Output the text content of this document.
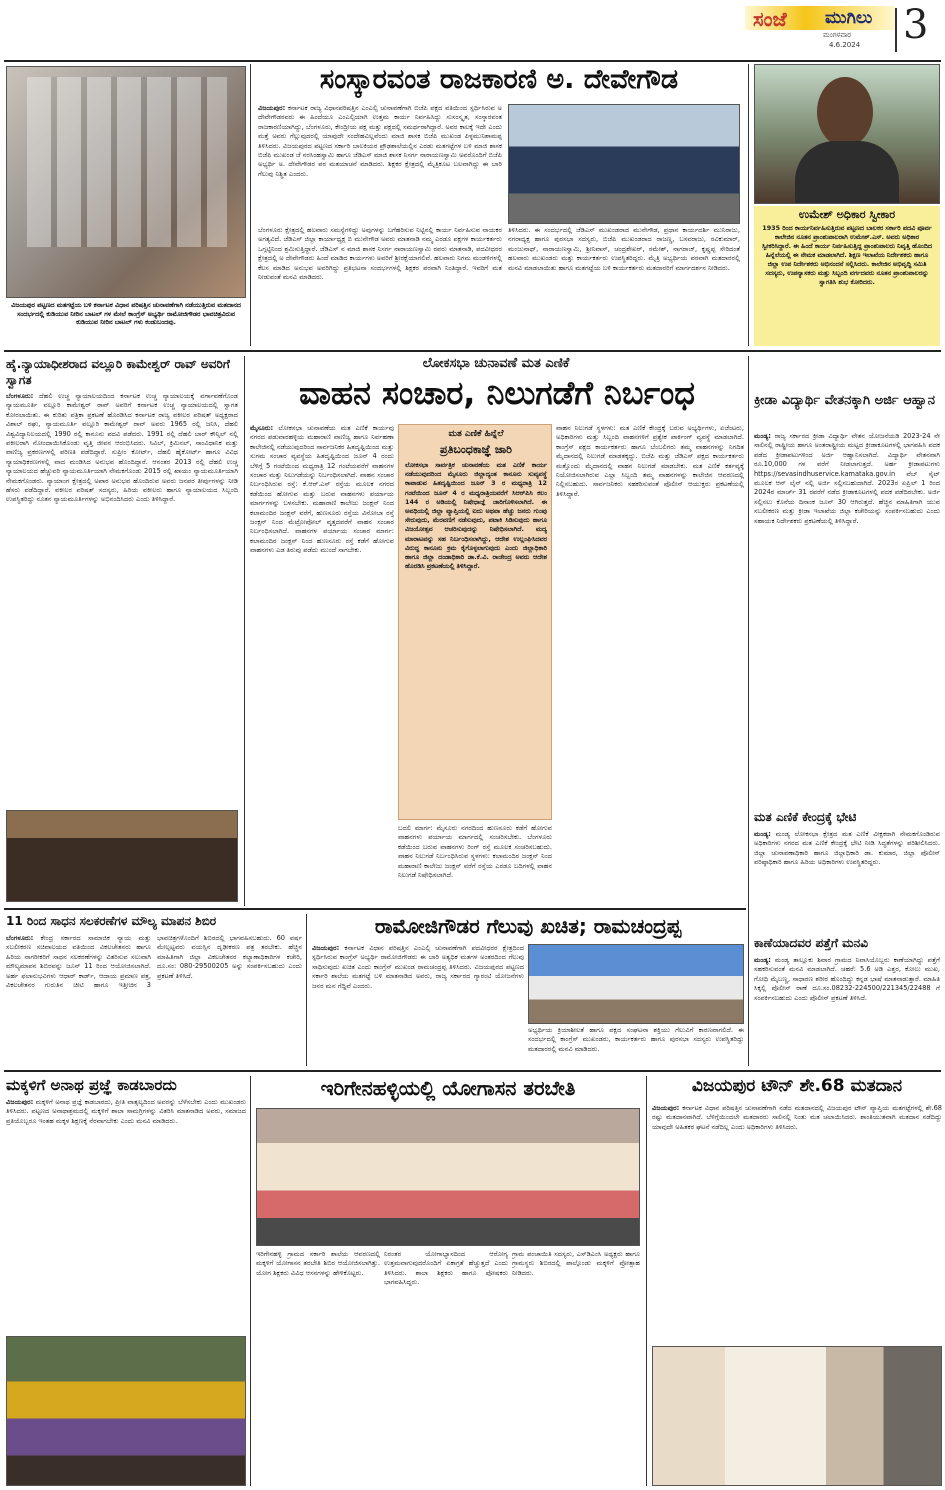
ಸಂಜೆ ಮುಗಿಲು
ಮಂಗಳವಾರ
4.6.2024 3
ವಿಜಯಪುರ ಪಟ್ಟಣದ ಮತಗಟ್ಟೆಯ ಬಳಿ ಕರ್ನಾಟಕ ವಿಧಾನ ಪರಿಷತ್ತಿನ ಚುನಾವಣೆಗಾಗಿ ನಡೆಯುತ್ತಿರುವ ಮತದಾನದ ಸಂದರ್ಭದಲ್ಲಿ ಕುಡಿಯುವ ನೀರಿನ ಬಾಟಲ್ ಗಳ ಮೇಲೆ ಕಾಂಗ್ರೆಸ್ ಅಭ್ಯರ್ಥಿ ರಾಮೋಜಿಗೌಡರ ಭಾವಚಿತ್ರವಿರುವ ಕುಡಿಯುವ ನೀರಿನ ಬಾಟಲ್ ಗಳು ಕಂಡುಬಂದವು.
ಸಂಸ್ಕಾರವಂತ ರಾಜಕಾರಣಿ ಅ. ದೇವೇಗೌಡ
ವಿಜಯಪುರ: ಕರ್ನಾಟಕ ರಾಜ್ಯ ವಿಧಾನಪರಿಷತ್ತಿನ ಎಂಎಲ್ಸಿ ಚುನಾವಣೆಗಾಗಿ ಬಿಜೆಪಿ ಪಕ್ಷದ ವತಿಯಿಂದ ಸ್ಪರ್ಧಿಸಿರುವ ಅ ದೇವೇಗೌಡರವರು ಈ ಹಿಂದೆಯೂ ಎಂಎಲ್ಸಿಯಾಗಿ ಉತ್ತಮ ಕಾರ್ಯ ನಿರ್ವಹಿಸಿದ್ದು ಸುಸಂಸ್ಕೃತ, ಸಂಸ್ಕಾರವಂತ ರಾಜಕಾರಣಿಯಾಗಿದ್ದು, ಬೆಂಗಳೂರು, ಕೇಂದ್ರೀಯ ಪಕ್ಷ ಮತ್ತು ಪಕ್ಷದಲ್ಲಿ ಸಮರ್ಥರಾಗಿದ್ದಾರೆ. ಅವರ ಕಾಲಕ್ಕೆ ಇದೇ ಎಂದು ಮತ್ತೆ ಅವರು ಗೆಲ್ಲುವುದರಲ್ಲಿ ಯಾವುದೇ ಸಂದೇಹವಿಲ್ಲವೆಂದು ಮಾಜಿ ಶಾಸಕ ಬಿಜೆಪಿ ಮುಖಂಡ ಪಿಳ್ಳಮುನಿಶಾಮಪ್ಪ ತಿಳಿಸಿದರು. ವಿಜಯಪುರದ ಪಟ್ಟಣದ ಸರ್ಕಾರಿ ಬಾಲಕಿಯರ ಪ್ರೌಢಶಾಲೆಯಲ್ಲಿನ ಎರಡು ಮತಗಟ್ಟೆಗಳ ಬಳಿ ಮಾಜಿ ಶಾಸಕ ಬಿಜೆಪಿ ಮುಖಂಡ ಜೆ ನರಸಿಂಹಸ್ವಾಮಿ ಹಾಗೂ ಜೆಡಿಎಸ್ ಮಾಜಿ ಶಾಸಕ ನಿಸರ್ಗ ನಾರಾಯಣಸ್ವಾಮಿ ಅವರೊಂದಿಗೆ ಬಿಜೆಪಿ ಅಭ್ಯರ್ಥಿ ಅ. ದೇವೇಗೌಡರ ಪರ ಮತಯಾಚನೆ ಮಾಡಿದರು. ಶಿಕ್ಷಕರ ಕ್ಷೇತ್ರದಲ್ಲಿ ಮೈತ್ರಿಕೂಟ ಬಲವಾಗಿದ್ದು ಈ ಬಾರಿ ಗೆಲುವು ನಿಶ್ಚಿತ ಎಂದರು.
ಬೆಂಗಳೂರು ಕ್ಷೇತ್ರದಲ್ಲಿ ಹಲವಾರು ಸಮಸ್ಯೆಗಳಿದ್ದು ಅವುಗಳನ್ನು ಬಗೆಹರಿಸುವ ನಿಟ್ಟಿನಲ್ಲಿ ಕಾರ್ಯ ನಿರ್ವಹಿಸುವ ನಾಯಕರ ಅಗತ್ಯವಿದೆ. ಜೆಡಿಎಸ್ ಜಿಲ್ಲಾ ಕಾರ್ಯಾಧ್ಯಕ್ಷ ಬಿ ಮುನೇಗೌಡ ಅವರು ಮಾತನಾಡಿ ನಮ್ಮ ಎರಡೂ ಪಕ್ಷಗಳ ಕಾರ್ಯಕರ್ತರು ಒಗ್ಗಟ್ಟಿನಿಂದ ಶ್ರಮಿಸುತ್ತಿದ್ದಾರೆ. ಜೆಡಿಎಸ್ ನ ಮಾಜಿ ಶಾಸಕ ನಿಸರ್ಗ ನಾರಾಯಣಸ್ವಾಮಿ ರವರು ಮಾತನಾಡಿ, ಪದವೀಧರರ ಕ್ಷೇತ್ರದಲ್ಲಿ ಅ ದೇವೇಗೌಡರು ಹಿಂದೆ ಮಾಡಿದ ಕಾರ್ಯಗಳು ಅವರಿಗೆ ಶ್ರೀರಕ್ಷೆಯಾಗಲಿವೆ. ಹಲವಾರು ನಿಗಮ ಮಂಡಳಿಗಳಲ್ಲಿ ಕೆಲಸ ಮಾಡಿದ ಅನುಭವ ಅವರಿಗಿದ್ದು ಪ್ರತಿಭಟನಾ ಸಂದರ್ಭಗಳಲ್ಲಿ ಶಿಕ್ಷಕರ ಪರವಾಗಿ ನಿಂತಿದ್ದಾರೆ. ಇವರಿಗೆ ಮತ ನೀಡುವಂತೆ ಮನವಿ ಮಾಡಿದರು.
ತಿಳಿಸಿದರು. ಈ ಸಂದರ್ಭದಲ್ಲಿ ಜೆಡಿಎಸ್ ಮುಖಂಡರಾದ ಮುನೇಗೌಡ, ಪ್ರಧಾನ ಕಾರ್ಯದರ್ಶಿ ಮುನಿರಾಜು, ನಗರಾಧ್ಯಕ್ಷ ಹಾಗೂ ಪುರಸಭಾ ಸದಸ್ಯರು, ಬಿಜೆಪಿ ಮುಖಂಡರಾದ ರಾಜಣ್ಣ, ಬಸವರಾಜು, ರವಿಕುಮಾರ್, ಮಂಜುನಾಥ್, ನಾರಾಯಣಸ್ವಾಮಿ, ಶ್ರೀನಿವಾಸ್, ಚಂದ್ರಶೇಖರ್, ರಮೇಶ್, ನಾಗರಾಜ್, ಕೃಷ್ಣಪ್ಪ ಸೇರಿದಂತೆ ಹಲವಾರು ಮುಖಂಡರು ಮತ್ತು ಕಾರ್ಯಕರ್ತರು ಉಪಸ್ಥಿತರಿದ್ದರು. ಮೈತ್ರಿ ಅಭ್ಯರ್ಥಿಯ ಪರವಾಗಿ ಮತದಾರರಲ್ಲಿ ಮನವಿ ಮಾಡಲಾಯಿತು ಹಾಗೂ ಮತಗಟ್ಟೆಯ ಬಳಿ ಕಾರ್ಯಕರ್ತರು ಮತದಾರರಿಗೆ ಮಾರ್ಗದರ್ಶನ ನೀಡಿದರು.
ಉಮೇಶ್ ಅಧಿಕಾರ ಸ್ವೀಕಾರ
1935 ರಿಂದ ಕಾರ್ಯನಿರ್ವಹಿಸುತ್ತಿರುವ ಪಟ್ಟಣದ ಬಾಲಕರ ಸರ್ಕಾರಿ ಪದವಿ ಪೂರ್ವ ಕಾಲೇಜಿನ ನೂತನ ಪ್ರಾಂಶುಪಾಲರಾಗಿ ಉಮೇಶ್.ಎಸ್. ಅವರು ಅಧಿಕಾರ ಸ್ವೀಕರಿಸಿದ್ದಾರೆ. ಈ ಹಿಂದೆ ಕಾರ್ಯ ನಿರ್ವಹಿಸುತ್ತಿದ್ದ ಪ್ರಾಂಶುಪಾಲರು ನಿವೃತ್ತಿ ಹೊಂದಿದ ಹಿನ್ನೆಲೆಯಲ್ಲಿ ಈ ನೇಮಕ ಮಾಡಲಾಗಿದೆ. ಶಿಕ್ಷಣ ಇಲಾಖೆಯ ನಿರ್ದೇಶಕರು ಹಾಗೂ ಜಿಲ್ಲಾ ಉಪ ನಿರ್ದೇಶಕರು ಅಭಿನಂದನೆ ಸಲ್ಲಿಸಿದರು. ಕಾಲೇಜಿನ ಅಭಿವೃದ್ಧಿ ಸಮಿತಿ ಸದಸ್ಯರು, ಉಪನ್ಯಾಸಕರು ಮತ್ತು ಸಿಬ್ಬಂದಿ ವರ್ಗದವರು ನೂತನ ಪ್ರಾಂಶುಪಾಲರನ್ನು ಸ್ವಾಗತಿಸಿ ಶುಭ ಕೋರಿದರು.
ಹೈ.ನ್ಯಾಯಾಧೀಶರಾದ ವಲ್ಲೂರಿ ಕಾಮೇಶ್ವರ್ ರಾವ್ ಅವರಿಗೆ ಸ್ವಾಗತ
ಬೆಂಗಳೂರು: ದೆಹಲಿ ಉಚ್ಚ ನ್ಯಾಯಾಲಯದಿಂದ ಕರ್ನಾಟಕ ಉಚ್ಚ ನ್ಯಾಯಾಲಯಕ್ಕೆ ವರ್ಗಾವಣೆಗೊಂಡ ನ್ಯಾಯಮೂರ್ತಿ ವಲ್ಲೂರಿ ಕಾಮೇಶ್ವರ್ ರಾವ್ ಅವರಿಗೆ ಕರ್ನಾಟಕ ಉಚ್ಚ ನ್ಯಾಯಾಲಯದಲ್ಲಿ ಸ್ವಾಗತ ಕೋರಲಾಯಿತು. ಈ ಕುರಿತು ಪತ್ರಿಕಾ ಪ್ರಕಟಣೆ ಹೊರಡಿಸಿದ ಕರ್ನಾಟಕ ರಾಜ್ಯ ವಕೀಲರ ಪರಿಷತ್ ಅಧ್ಯಕ್ಷರಾದ ವಿಶಾಲ್ ರಘು, ನ್ಯಾಯಮೂರ್ತಿ ವಲ್ಲೂರಿ ಕಾಮೇಶ್ವರ್ ರಾವ್ ಅವರು 1965 ರಲ್ಲಿ ಜನಿಸಿ, ದೆಹಲಿ ವಿಶ್ವವಿದ್ಯಾನಿಲಯದಲ್ಲಿ 1990 ರಲ್ಲಿ ಕಾನೂನು ಪದವಿ ಪಡೆದರು. 1991 ರಲ್ಲಿ ದೆಹಲಿ ಬಾರ್ ಕೌನ್ಸಿಲ್ ನಲ್ಲಿ ವಕೀಲರಾಗಿ ನೋಂದಾಯಿಸಿಕೊಂಡು ವೃತ್ತಿ ಜೀವನ ಆರಂಭಿಸಿದರು. ಸಿವಿಲ್, ಕ್ರಿಮಿನಲ್, ಸಾಂವಿಧಾನಿಕ ಮತ್ತು ವಾಣಿಜ್ಯ ಪ್ರಕರಣಗಳಲ್ಲಿ ಪರಿಣತಿ ಪಡೆದಿದ್ದಾರೆ. ಸುಪ್ರೀಂ ಕೋರ್ಟ್, ದೆಹಲಿ ಹೈಕೋರ್ಟ್ ಹಾಗೂ ವಿವಿಧ ನ್ಯಾಯಾಧಿಕರಣಗಳಲ್ಲಿ ವಾದ ಮಂಡಿಸಿದ ಅನುಭವ ಹೊಂದಿದ್ದಾರೆ. ಆನಂತರ 2013 ರಲ್ಲಿ ದೆಹಲಿ ಉಚ್ಚ ನ್ಯಾಯಾಲಯದ ಹೆಚ್ಚುವರಿ ನ್ಯಾಯಮೂರ್ತಿಯಾಗಿ ನೇಮಕಗೊಂಡು 2015 ರಲ್ಲಿ ಖಾಯಂ ನ್ಯಾಯಮೂರ್ತಿಯಾಗಿ ನೇಮಕಗೊಂಡರು. ನ್ಯಾಯಾಂಗ ಕ್ಷೇತ್ರದಲ್ಲಿ ಅಪಾರ ಅನುಭವ ಹೊಂದಿರುವ ಅವರು ಜನಪರ ತೀರ್ಪುಗಳನ್ನು ನೀಡಿ ಹೆಸರು ಪಡೆದಿದ್ದಾರೆ. ವಕೀಲರ ಪರಿಷತ್ ಸದಸ್ಯರು, ಹಿರಿಯ ವಕೀಲರು ಹಾಗೂ ನ್ಯಾಯಾಲಯದ ಸಿಬ್ಬಂದಿ ಉಪಸ್ಥಿತರಿದ್ದು ನೂತನ ನ್ಯಾಯಮೂರ್ತಿಗಳನ್ನು ಅಭಿನಂದಿಸಿದರು ಎಂದು ತಿಳಿಸಿದ್ದಾರೆ.
ಲೋಕಸಭಾ ಚುನಾವಣೆ ಮತ ಎಣಿಕೆ
ವಾಹನ ಸಂಚಾರ, ನಿಲುಗಡೆಗೆ ನಿರ್ಬಂಧ
ಮೈಸೂರು: ಲೋಕಸಭಾ ಚುನಾವಣೆಯ ಮತ ಎಣಿಕೆ ಕಾರ್ಯವು ನಗರದ ಪಡುವಾರಹಳ್ಳಿಯ ಮಹಾರಾಣಿ ವಾಣಿಜ್ಯ ಹಾಗೂ ನಿರ್ವಹಣಾ ಕಾಲೇಜಿನಲ್ಲಿ ನಡೆಯುವುದರಿಂದ ಸಾರ್ವಜನಿಕರ ಹಿತದೃಷ್ಟಿಯಿಂದ ಮತ್ತು ಸುಗಮ ಸಂಚಾರ ವ್ಯವಸ್ಥೆಯ ಹಿತದೃಷ್ಟಿಯಿಂದ ಜೂನ್ 4 ರಂದು ಬೆಳಿಗ್ಗೆ 5 ಗಂಟೆಯಿಂದ ಮಧ್ಯರಾತ್ರಿ 12 ಗಂಟೆಯವರೆಗೆ ವಾಹನಗಳ ಸಂಚಾರ ಮತ್ತು ನಿಲುಗಡೆಯನ್ನು ನಿರ್ಬಂಧಿಸಲಾಗಿದೆ. ವಾಹನ ಸಂಚಾರ ನಿರ್ಬಂಧಿಸಿರುವ ರಸ್ತೆ: ಕೆ.ಆರ್.ಎಸ್ ರಸ್ತೆಯ ಮೂಲಕ ನಗರದ ಕಡೆಯಿಂದ ಹೋಗುವ ಮತ್ತು ಬರುವ ವಾಹನಗಳು ಪರ್ಯಾಯ ಮಾರ್ಗಗಳನ್ನು ಬಳಸಬೇಕು. ಮಹಾರಾಣಿ ಕಾಲೇಜು ಜಂಕ್ಷನ್ ನಿಂದ ಕಲಾಮಂದಿರ ಜಂಕ್ಷನ್ ವರೆಗೆ, ಹುಣಸೂರು ರಸ್ತೆಯ ವಿನೋಬಾ ರಸ್ತೆ ಜಂಕ್ಷನ್ ನಿಂದ ಮೆಟ್ರೋಪೋಲ್ ವೃತ್ತದವರೆಗೆ ವಾಹನ ಸಂಚಾರ ನಿರ್ಬಂಧಿಸಲಾಗಿದೆ. ವಾಹನಗಳ ಪರ್ಯಾಯ ಸಂಚಾರ ಮಾರ್ಗ: ಕಲಾಮಂದಿರ ಜಂಕ್ಷನ್ ನಿಂದ ಹುಣಸೂರು ರಸ್ತೆ ಕಡೆಗೆ ಹೋಗುವ ವಾಹನಗಳು ಎಡ ತಿರುವು ಪಡೆದು ಮುಂದೆ ಸಾಗಬೇಕು.
ಮತ ಎಣಿಕೆ ಹಿನ್ನೆಲೆ
ಪ್ರತಿಬಂಧಕಾಜ್ಞೆ ಜಾರಿ
ಲೋಕಸಭಾ ಸಾರ್ವತ್ರಿಕ ಚುನಾವಣೆಯ ಮತ ಎಣಿಕೆ ಕಾರ್ಯ ನಡೆಯುವುದರಿಂದ ಮೈಸೂರು ಜಿಲ್ಲಾದ್ಯಂತ ಕಾನೂನು ಸುವ್ಯವಸ್ಥೆ ಕಾಪಾಡುವ ಹಿತದೃಷ್ಟಿಯಿಂದ ಜೂನ್ 3 ರ ಮಧ್ಯರಾತ್ರಿ 12 ಗಂಟೆಯಿಂದ ಜೂನ್ 4 ರ ಮಧ್ಯರಾತ್ರಿಯವರೆಗೆ ಸಿಆರ್‌ಪಿಸಿ ಕಲಂ 144 ರ ಅಡಿಯಲ್ಲಿ ನಿಷೇಧಾಜ್ಞೆ ಜಾರಿಗೊಳಿಸಲಾಗಿದೆ. ಈ ಅವಧಿಯಲ್ಲಿ ಜಿಲ್ಲಾ ವ್ಯಾಪ್ತಿಯಲ್ಲಿ ಐದು ಅಥವಾ ಹೆಚ್ಚು ಜನರು ಗುಂಪು ಸೇರುವುದು, ಮೆರವಣಿಗೆ ನಡೆಸುವುದು, ಪಟಾಕಿ ಸಿಡಿಸುವುದು ಹಾಗೂ ವಿಜಯೋತ್ಸವ ಆಚರಿಸುವುದನ್ನು ನಿಷೇಧಿಸಲಾಗಿದೆ. ಮದ್ಯ ಮಾರಾಟವನ್ನು ಸಹ ನಿರ್ಬಂಧಿಸಲಾಗಿದ್ದು, ಆದೇಶ ಉಲ್ಲಂಘಿಸಿದವರ ವಿರುದ್ಧ ಕಾನೂನು ಕ್ರಮ ಕೈಗೊಳ್ಳಲಾಗುವುದು ಎಂದು ಜಿಲ್ಲಾಧಿಕಾರಿ ಹಾಗೂ ಜಿಲ್ಲಾ ದಂಡಾಧಿಕಾರಿ ಡಾ.ಕೆ.ವಿ. ರಾಜೇಂದ್ರ ಅವರು ಆದೇಶ ಹೊರಡಿಸಿ ಪ್ರಕಟಣೆಯಲ್ಲಿ ತಿಳಿಸಿದ್ದಾರೆ.
ಬದಲಿ ಮಾರ್ಗ: ಮೈಸೂರು ನಗರದಿಂದ ಹುಣಸೂರು ಕಡೆಗೆ ಹೋಗುವ ವಾಹನಗಳು ಪರ್ಯಾಯ ಮಾರ್ಗದಲ್ಲಿ ಸಂಚರಿಸಬೇಕು. ಬೆಂಗಳೂರು ಕಡೆಯಿಂದ ಬರುವ ವಾಹನಗಳು ರಿಂಗ್ ರಸ್ತೆ ಮೂಲಕ ಸಂಚರಿಸಬಹುದು. ವಾಹನ ನಿಲುಗಡೆ ನಿರ್ಬಂಧಿಸಿರುವ ಸ್ಥಳಗಳು: ಕಲಾಮಂದಿರ ಜಂಕ್ಷನ್ ನಿಂದ ಮಹಾರಾಣಿ ಕಾಲೇಜು ಜಂಕ್ಷನ್ ವರೆಗೆ ರಸ್ತೆಯ ಎರಡೂ ಬದಿಗಳಲ್ಲಿ ವಾಹನ ನಿಲುಗಡೆ ನಿಷೇಧಿಸಲಾಗಿದೆ.
ವಾಹನ ನಿಲುಗಡೆ ಸ್ಥಳಗಳು: ಮತ ಎಣಿಕೆ ಕೇಂದ್ರಕ್ಕೆ ಬರುವ ಅಭ್ಯರ್ಥಿಗಳು, ಏಜೆಂಟರು, ಅಧಿಕಾರಿಗಳು ಮತ್ತು ಸಿಬ್ಬಂದಿ ವಾಹನಗಳಿಗೆ ಪ್ರತ್ಯೇಕ ಪಾರ್ಕಿಂಗ್ ವ್ಯವಸ್ಥೆ ಮಾಡಲಾಗಿದೆ. ಕಾಂಗ್ರೆಸ್ ಪಕ್ಷದ ಕಾರ್ಯಕರ್ತರು ಹಾಗೂ ಬೆಂಬಲಿಗರು ತಮ್ಮ ವಾಹನಗಳನ್ನು ನಿಗದಿತ ಮೈದಾನದಲ್ಲಿ ನಿಲುಗಡೆ ಮಾಡತಕ್ಕದ್ದು. ಬಿಜೆಪಿ ಮತ್ತು ಜೆಡಿಎಸ್ ಪಕ್ಷದ ಕಾರ್ಯಕರ್ತರು ಮತ್ತೊಂದು ಮೈದಾನದಲ್ಲಿ ವಾಹನ ನಿಲುಗಡೆ ಮಾಡಬೇಕು. ಮತ ಎಣಿಕೆ ಕರ್ತವ್ಯಕ್ಕೆ ನಿಯೋಜಿಸಲಾಗಿರುವ ಎಲ್ಲಾ ಸಿಬ್ಬಂದಿ ತಮ್ಮ ವಾಹನಗಳನ್ನು ಕಾಲೇಜಿನ ಆವರಣದಲ್ಲಿ ನಿಲ್ಲಿಸಬಹುದು. ಸಾರ್ವಜನಿಕರು ಸಹಕರಿಸುವಂತೆ ಪೊಲೀಸ್ ಆಯುಕ್ತರು ಪ್ರಕಟಣೆಯಲ್ಲಿ ತಿಳಿಸಿದ್ದಾರೆ.
ಕ್ರೀಡಾ ವಿದ್ಯಾರ್ಥಿ ವೇತನಕ್ಕಾಗಿ ಅರ್ಜಿ ಆಹ್ವಾನ
ಮಂಡ್ಯ: ರಾಜ್ಯ ಸರ್ಕಾರದ ಕ್ರೀಡಾ ವಿದ್ಯಾರ್ಥಿ ವೇತನ ಯೋಜನೆಯಡಿ 2023-24 ನೇ ಸಾಲಿನಲ್ಲಿ ರಾಷ್ಟ್ರೀಯ ಹಾಗೂ ಅಂತರಾಷ್ಟ್ರೀಯ ಮಟ್ಟದ ಕ್ರೀಡಾಕೂಟಗಳಲ್ಲಿ ಭಾಗವಹಿಸಿ ಪದಕ ಪಡೆದ ಕ್ರೀಡಾಪಟುಗಳಿಂದ ಅರ್ಜಿ ಆಹ್ವಾನಿಸಲಾಗಿದೆ. ವಿದ್ಯಾರ್ಥಿ ವೇತನವಾಗಿ ರೂ.10,000 ಗಳ ವರೆಗೆ ನೀಡಲಾಗುತ್ತದೆ. ಅರ್ಹ ಕ್ರೀಡಾಪಟುಗಳು https://sevasindhuservice.kamataka.gov.in ವೆಬ್ ಸೈಟ್ ಮೂಲಕ ಆನ್ ಲೈನ್ ನಲ್ಲಿ ಅರ್ಜಿ ಸಲ್ಲಿಸಬಹುದಾಗಿದೆ. 2023ರ ಏಪ್ರಿಲ್ 1 ರಿಂದ 2024ರ ಮಾರ್ಚ್ 31 ರವರೆಗೆ ನಡೆದ ಕ್ರೀಡಾಕೂಟಗಳಲ್ಲಿ ಪದಕ ಪಡೆದಿರಬೇಕು. ಅರ್ಜಿ ಸಲ್ಲಿಸಲು ಕೊನೆಯ ದಿನಾಂಕ ಜೂನ್ 30 ಆಗಿರುತ್ತದೆ. ಹೆಚ್ಚಿನ ಮಾಹಿತಿಗಾಗಿ ಯುವ ಸಬಲೀಕರಣ ಮತ್ತು ಕ್ರೀಡಾ ಇಲಾಖೆಯ ಜಿಲ್ಲಾ ಕಚೇರಿಯನ್ನು ಸಂಪರ್ಕಿಸಬಹುದು ಎಂದು ಸಹಾಯಕ ನಿರ್ದೇಶಕರು ಪ್ರಕಟಣೆಯಲ್ಲಿ ತಿಳಿಸಿದ್ದಾರೆ.
ಮತ ಎಣಿಕೆ ಕೇಂದ್ರಕ್ಕೆ ಭೇಟಿ
ಮಂಡ್ಯ: ಮಂಡ್ಯ ಲೋಕಸಭಾ ಕ್ಷೇತ್ರದ ಮತ ಎಣಿಕೆ ವೀಕ್ಷಕರಾಗಿ ನೇಮಕಗೊಂಡಿರುವ ಅಧಿಕಾರಿಗಳು ನಗರದ ಮತ ಎಣಿಕೆ ಕೇಂದ್ರಕ್ಕೆ ಭೇಟಿ ನೀಡಿ ಸಿದ್ಧತೆಗಳನ್ನು ಪರಿಶೀಲಿಸಿದರು. ಜಿಲ್ಲಾ ಚುನಾವಣಾಧಿಕಾರಿ ಹಾಗೂ ಜಿಲ್ಲಾಧಿಕಾರಿ ಡಾ. ಕುಮಾರ, ಜಿಲ್ಲಾ ಪೊಲೀಸ್ ವರಿಷ್ಠಾಧಿಕಾರಿ ಹಾಗೂ ಹಿರಿಯ ಅಧಿಕಾರಿಗಳು ಉಪಸ್ಥಿತರಿದ್ದರು.
ಕಾಣೆಯಾದವರ ಪತ್ತೆಗೆ ಮನವಿ
ಮಂಡ್ಯ: ಮಂಡ್ಯ ತಾಲ್ಲೂಕು ಶಿವಾರ ಗ್ರಾಮದ ನಿವಾಸಿಯೊಬ್ಬರು ಕಾಣೆಯಾಗಿದ್ದು ಪತ್ತೆಗೆ ಸಹಕರಿಸುವಂತೆ ಮನವಿ ಮಾಡಲಾಗಿದೆ. ಚಹರೆ: 5.6 ಅಡಿ ಎತ್ತರ, ಕೋಲು ಮುಖ, ಗೋಧಿ ಮೈಬಣ್ಣ, ಸಾಧಾರಣ ಶರೀರ ಹೊಂದಿದ್ದು ಕನ್ನಡ ಭಾಷೆ ಮಾತನಾಡುತ್ತಾರೆ. ಮಾಹಿತಿ ಸಿಕ್ಕಲ್ಲಿ ಪೊಲೀಸ್ ಠಾಣೆ ದೂ.ಸಂ.08232-224500/221345/22488 ಗೆ ಸಂಪರ್ಕಿಸಬಹುದು ಎಂದು ಪೊಲೀಸ್ ಪ್ರಕಟಣೆ ತಿಳಿಸಿದೆ.
11 ರಿಂದ ಸಾಧನ ಸಲಕರಣೆಗಳ ಮೌಲ್ಯ ಮಾಪನ ಶಿಬಿರ
ಬೆಂಗಳೂರು: ಕೇಂದ್ರ ಸರ್ಕಾರದ ಸಾಮಾಜಿಕ ನ್ಯಾಯ ಮತ್ತು ಸಬಲೀಕರಣ ಸಚಿವಾಲಯದ ವತಿಯಿಂದ ವಿಕಲಚೇತನರು ಹಾಗೂ ಹಿರಿಯ ನಾಗರೀಕರಿಗೆ ಸಾಧನ ಸಲಕರಣೆಗಳನ್ನು ವಿತರಿಸುವ ಸಲುವಾಗಿ ಮೌಲ್ಯಮಾಪನ ಶಿಬಿರವನ್ನು ಜೂನ್ 11 ರಿಂದ ಆಯೋಜಿಸಲಾಗಿದೆ. ಅರ್ಹ ಫಲಾನುಭವಿಗಳು ಆಧಾರ್ ಕಾರ್ಡ್, ಆದಾಯ ಪ್ರಮಾಣ ಪತ್ರ, ವಿಕಲಚೇತನರ ಗುರುತಿನ ಚೀಟಿ ಹಾಗೂ ಇತ್ತೀಚಿನ 3 ಭಾವಚಿತ್ರಗಳೊಂದಿಗೆ ಶಿಬಿರದಲ್ಲಿ ಭಾಗವಹಿಸಬಹುದು. 60 ವರ್ಷ ಮೇಲ್ಪಟ್ಟವರು ವಯಸ್ಸಿನ ದೃಢೀಕರಣ ಪತ್ರ ತರಬೇಕು. ಹೆಚ್ಚಿನ ಮಾಹಿತಿಗಾಗಿ ಜಿಲ್ಲಾ ವಿಕಲಚೇತನರ ಕಲ್ಯಾಣಾಧಿಕಾರಿಗಳ ಕಚೇರಿ, ದೂ.ಸಂ: 080-29500205 ಅನ್ನು ಸಂಪರ್ಕಿಸಬಹುದು ಎಂದು ಪ್ರಕಟಣೆ ತಿಳಿಸಿದೆ.
ರಾಮೋಜಿಗೌಡರ ಗೆಲುವು ಖಚಿತ; ರಾಮಚಂದ್ರಪ್ಪ
ವಿಜಯಪುರ: ಕರ್ನಾಟಕ ವಿಧಾನ ಪರಿಷತ್ತಿನ ಎಂಎಲ್ಸಿ ಚುನಾವಣೆಗಾಗಿ ಪದವೀಧರರ ಕ್ಷೇತ್ರದಿಂದ ಸ್ಪರ್ಧಿಸಿರುವ ಕಾಂಗ್ರೆಸ್ ಅಭ್ಯರ್ಥಿ ರಾಮೋಜಿಗೌಡರು ಈ ಬಾರಿ ಅತ್ಯಧಿಕ ಮತಗಳ ಅಂತರದಿಂದ ಗೆಲುವು ಸಾಧಿಸುವುದು ಖಚಿತ ಎಂದು ಕಾಂಗ್ರೆಸ್ ಮುಖಂಡ ರಾಮಚಂದ್ರಪ್ಪ ತಿಳಿಸಿದರು. ವಿಜಯಪುರದ ಪಟ್ಟಣದ ಸರ್ಕಾರಿ ಶಾಲೆಯ ಮತಗಟ್ಟೆ ಬಳಿ ಮಾತನಾಡಿದ ಅವರು, ರಾಜ್ಯ ಸರ್ಕಾರದ ಗ್ಯಾರಂಟಿ ಯೋಜನೆಗಳು ಜನರ ಮನ ಗೆದ್ದಿವೆ ಎಂದರು.
ಅಭ್ಯರ್ಥಿಯ ಕ್ರಿಯಾಶೀಲತೆ ಹಾಗೂ ಪಕ್ಷದ ಸಂಘಟನಾ ಶಕ್ತಿಯು ಗೆಲುವಿಗೆ ಕಾರಣವಾಗಲಿದೆ. ಈ ಸಂದರ್ಭದಲ್ಲಿ ಕಾಂಗ್ರೆಸ್ ಮುಖಂಡರು, ಕಾರ್ಯಕರ್ತರು ಹಾಗೂ ಪುರಸಭಾ ಸದಸ್ಯರು ಉಪಸ್ಥಿತರಿದ್ದು ಮತದಾರರಲ್ಲಿ ಮನವಿ ಮಾಡಿದರು.
ಮಕ್ಕಳಿಗೆ ಅನಾಥ ಪ್ರಜ್ಞೆ ಕಾಡಬಾರದು
ವಿಜಯಪುರ: ಮಕ್ಕಳಿಗೆ ಅನಾಥ ಪ್ರಜ್ಞೆ ಕಾಡಬಾರದು, ಪ್ರೀತಿ ವಾತ್ಸಲ್ಯದಿಂದ ಅವರನ್ನು ಬೆಳೆಸಬೇಕು ಎಂದು ಮುಖಂಡರು ತಿಳಿಸಿದರು. ಪಟ್ಟಣದ ಅನಾಥಾಶ್ರಮದಲ್ಲಿ ಮಕ್ಕಳಿಗೆ ಶಾಲಾ ಸಾಮಗ್ರಿಗಳನ್ನು ವಿತರಿಸಿ ಮಾತನಾಡಿದ ಅವರು, ಸಮಾಜದ ಪ್ರತಿಯೊಬ್ಬರೂ ಇಂತಹ ಮಕ್ಕಳ ಶಿಕ್ಷಣಕ್ಕೆ ನೆರವಾಗಬೇಕು ಎಂದು ಮನವಿ ಮಾಡಿದರು.
ಇರಿಗೇನಹಳ್ಳಿಯಲ್ಲಿ ಯೋಗಾಸನ ತರಬೇತಿ
ಇರಿಗೇನಹಳ್ಳಿ ಗ್ರಾಮದ ಸರ್ಕಾರಿ ಶಾಲೆಯ ಆವರಣದಲ್ಲಿ ಮಕ್ಕಳಿಗೆ ಯೋಗಾಸನ ತರಬೇತಿ ಶಿಬಿರ ಆಯೋಜಿಸಲಾಗಿತ್ತು. ಯೋಗ ಶಿಕ್ಷಕರು ವಿವಿಧ ಆಸನಗಳನ್ನು ಹೇಳಿಕೊಟ್ಟರು.
ನಿರಂತರ ಯೋಗಾಭ್ಯಾಸದಿಂದ ಆರೋಗ್ಯ ಉತ್ತಮವಾಗುವುದರೊಂದಿಗೆ ಏಕಾಗ್ರತೆ ಹೆಚ್ಚುತ್ತದೆ ಎಂದು ತಿಳಿಸಿದರು. ಶಾಲಾ ಶಿಕ್ಷಕರು ಹಾಗೂ ಪೋಷಕರು ಭಾಗವಹಿಸಿದ್ದರು.
ಗ್ರಾಮ ಪಂಚಾಯಿತಿ ಸದಸ್ಯರು, ಎಸ್‌ಡಿಎಂಸಿ ಅಧ್ಯಕ್ಷರು ಹಾಗೂ ಗ್ರಾಮಸ್ಥರು ಶಿಬಿರದಲ್ಲಿ ಪಾಲ್ಗೊಂಡು ಮಕ್ಕಳಿಗೆ ಪ್ರೋತ್ಸಾಹ ನೀಡಿದರು.
ವಿಜಯಪುರ ಟೌನ್ ಶೇ.68 ಮತದಾನ
ವಿಜಯಪುರ: ಕರ್ನಾಟಕ ವಿಧಾನ ಪರಿಷತ್ತಿನ ಚುನಾವಣೆಗಾಗಿ ನಡೆದ ಮತದಾನದಲ್ಲಿ ವಿಜಯಪುರ ಟೌನ್ ವ್ಯಾಪ್ತಿಯ ಮತಗಟ್ಟೆಗಳಲ್ಲಿ ಶೇ.68 ರಷ್ಟು ಮತದಾನವಾಗಿದೆ. ಬೆಳಿಗ್ಗೆಯಿಂದಲೇ ಮತದಾರರು ಸಾಲಿನಲ್ಲಿ ನಿಂತು ಮತ ಚಲಾಯಿಸಿದರು. ಶಾಂತಿಯುತವಾಗಿ ಮತದಾನ ನಡೆದಿದ್ದು ಯಾವುದೇ ಅಹಿತಕರ ಘಟನೆ ನಡೆದಿಲ್ಲ ಎಂದು ಅಧಿಕಾರಿಗಳು ತಿಳಿಸಿದರು.
